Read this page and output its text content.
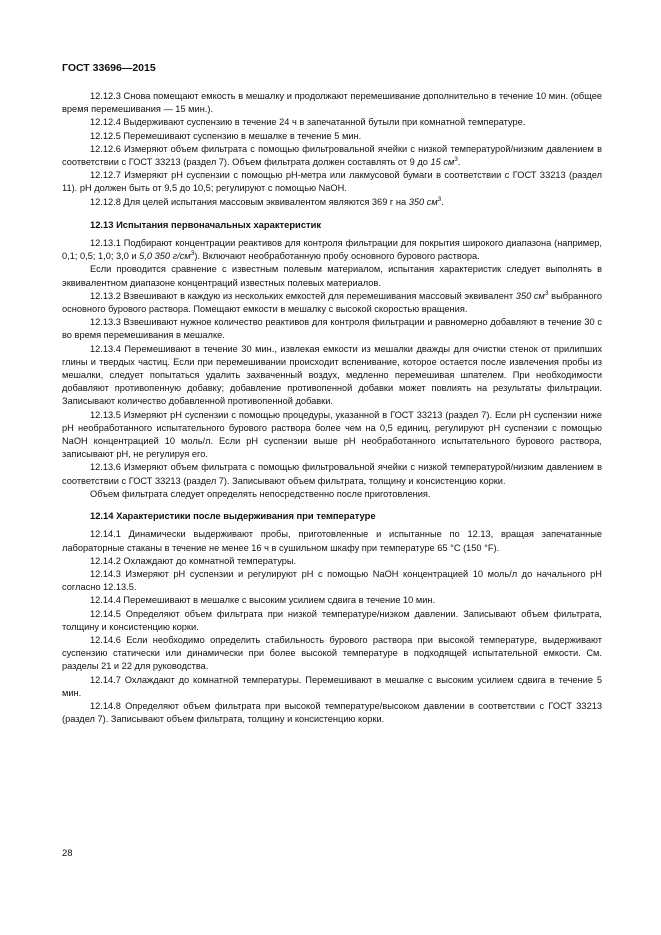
ГОСТ 33696—2015

12.12.3 Снова помещают емкость в мешалку и продолжают перемешивание дополнительно в течение 10 мин. (общее время перемешивания — 15 мин.).

12.12.4 Выдерживают суспензию в течение 24 ч в запечатанной бутыли при комнатной температуре.

12.12.5 Перемешивают суспензию в мешалке в течение 5 мин.

12.12.6 Измеряют объем фильтрата с помощью фильтровальной ячейки с низкой температурой/низким давлением в соответствии с ГОСТ 33213 (раздел 7). Объем фильтрата должен составлять от 9 до 15 $см^3$.

12.12.7 Измеряют pH суспензии с помощью pH-метра или лакмусовой бумаги в соответствии с ГОСТ 33213 (раздел 11). pH должен быть от 9,5 до 10,5; регулируют с помощью NaOH.

12.12.8 Для целей испытания массовым эквивалентом являются 369 г на 350 $см^3$.

12.13 Испытания первоначальных характеристик

12.13.1 Подбирают концентрации реактивов для контроля фильтрации для покрытия широкого диапазона (например, 0,1; 0,5; 1,0; 3,0 и 5,0 350 $г/см^3$). Включают необработанную пробу основного бурового раствора.

Если проводится сравнение с известным полевым материалом, испытания характеристик следует выполнять в эквивалентном диапазоне концентраций известных полевых материалов.

12.13.2 Взвешивают в каждую из нескольких емкостей для перемешивания массовый эквивалент 350 $см^3$ выбранного основного бурового раствора. Помещают емкости в мешалку с высокой скоростью вращения.

12.13.3 Взвешивают нужное количество реактивов для контроля фильтрации и равномерно добавляют в течение 30 с во время перемешивания в мешалке.

12.13.4 Перемешивают в течение 30 мин., извлекая емкости из мешалки дважды для очистки стенок от прилипших глины и твердых частиц. Если при перемешивании происходит вспенивание, которое остается после извлечения пробы из мешалки, следует попытаться удалить захваченный воздух, медленно перемешивая шпателем. При необходимости добавляют противопенную добавку; добавление противопенной добавки может повлиять на результаты фильтрации. Записывают количество добавленной противопенной добавки.

12.13.5 Измеряют pH суспензии с помощью процедуры, указанной в ГОСТ 33213 (раздел 7). Если pH суспензии ниже pH необработанного испытательного бурового раствора более чем на 0,5 единиц, регулируют pH суспензии с помощью NaOH концентрацией 10 моль/л. Если pH суспензии выше pH необработанного испытательного бурового раствора, записывают pH, не регулируя его.

12.13.6 Измеряют объем фильтрата с помощью фильтровальной ячейки с низкой температурой/низким давлением в соответствии с ГОСТ 33213 (раздел 7). Записывают объем фильтрата, толщину и консистенцию корки.

Объем фильтрата следует определять непосредственно после приготовления.

12.14 Характеристики после выдерживания при температуре

12.14.1 Динамически выдерживают пробы, приготовленные и испытанные по 12.13, вращая запечатанные лабораторные стаканы в течение не менее 16 ч в сушильном шкафу при температуре 65 °C (150 °F).

12.14.2 Охлаждают до комнатной температуры.

12.14.3 Измеряют pH суспензии и регулируют pH с помощью NaOH концентрацией 10 моль/л до начального pH согласно 12.13.5.

12.14.4 Перемешивают в мешалке с высоким усилием сдвига в течение 10 мин.

12.14.5 Определяют объем фильтрата при низкой температуре/низком давлении. Записывают объем фильтрата, толщину и консистенцию корки.

12.14.6 Если необходимо определить стабильность бурового раствора при высокой температуре, выдерживают суспензию статически или динамически при более высокой температуре в подходящей испытательной емкости. См. разделы 21 и 22 для руководства.

12.14.7 Охлаждают до комнатной температуры. Перемешивают в мешалке с высоким усилием сдвига в течение 5 мин.

12.14.8 Определяют объем фильтрата при высокой температуре/высоком давлении в соответствии с ГОСТ 33213 (раздел 7). Записывают объем фильтрата, толщину и консистенцию корки.

28
